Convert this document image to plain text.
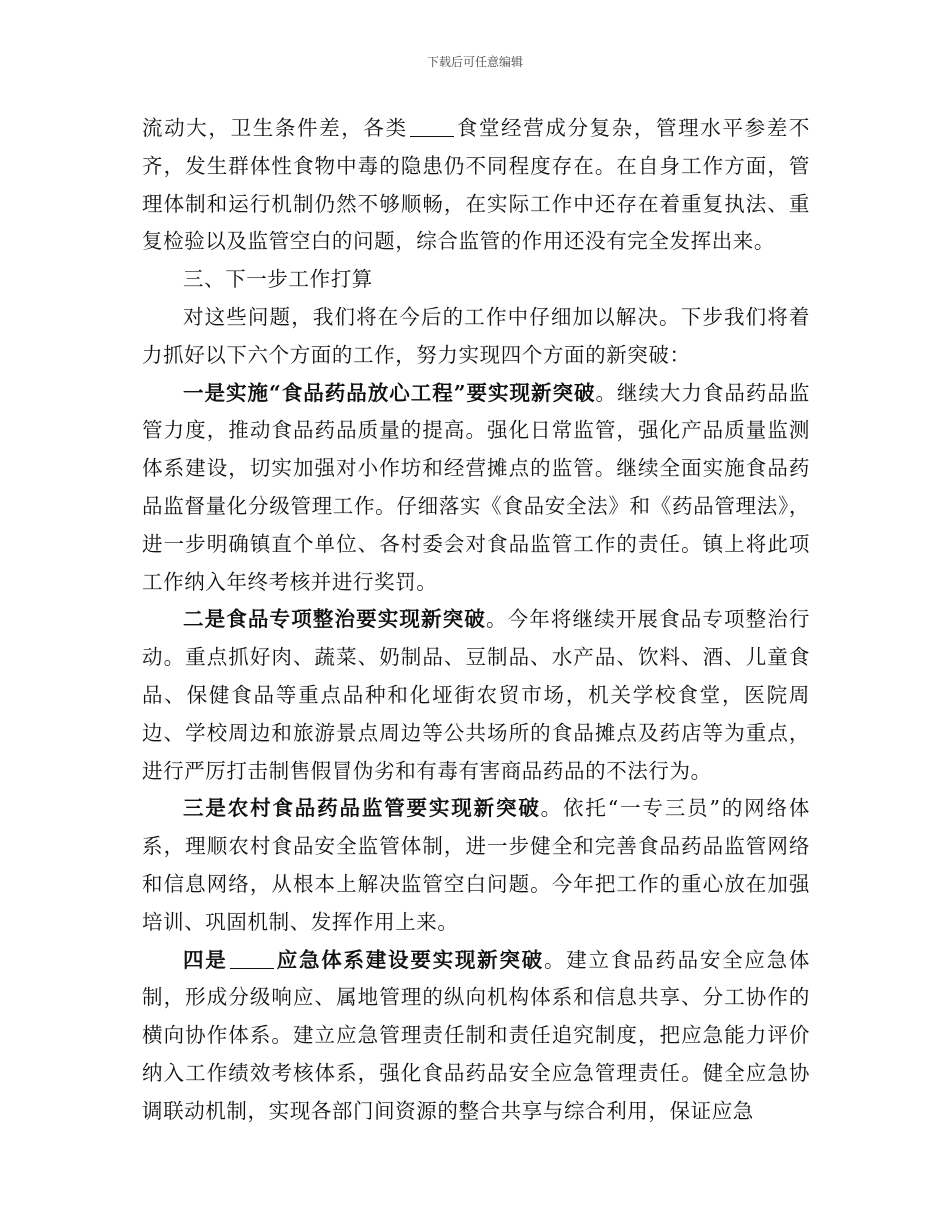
下载后可任意编辑

流动大，卫生条件差，各类 食堂经营成分复杂，管理水平参差不齐，发生群体性食物中毒的隐患仍不同程度存在。在自身工作方面，管理体制和运行机制仍然不够顺畅，在实际工作中还存在着重复执法、重复检验以及监管空白的问题，综合监管的作用还没有完全发挥出来。

三、下一步工作打算

对这些问题，我们将在今后的工作中仔细加以解决。下步我们将着力抓好以下六个方面的工作，努力实现四个方面的新突破：

一是实施“食品药品放心工程”要实现新突破。继续大力食品药品监管力度，推动食品药品质量的提高。强化日常监管，强化产品质量监测体系建设，切实加强对小作坊和经营摊点的监管。继续全面实施食品药品监督量化分级管理工作。仔细落实《食品安全法》和《药品管理法》，进一步明确镇直个单位、各村委会对食品监管工作的责任。镇上将此项工作纳入年终考核并进行奖罚。

二是食品专项整治要实现新突破。今年将继续开展食品专项整治行动。重点抓好肉、蔬菜、奶制品、豆制品、水产品、饮料、酒、儿童食品、保健食品等重点品种和化垭街农贸市场，机关学校食堂，医院周边、学校周边和旅游景点周边等公共场所的食品摊点及药店等为重点，进行严厉打击制售假冒伪劣和有毒有害商品药品的不法行为。

三是农村食品药品监管要实现新突破。依托“一专三员”的网络体系，理顺农村食品安全监管体制，进一步健全和完善食品药品监管网络和信息网络，从根本上解决监管空白问题。今年把工作的重心放在加强培训、巩固机制、发挥作用上来。

四是 应急体系建设要实现新突破。建立食品药品安全应急体制，形成分级响应、属地管理的纵向机构体系和信息共享、分工协作的横向协作体系。建立应急管理责任制和责任追究制度，把应急能力评价纳入工作绩效考核体系，强化食品药品安全应急管理责任。健全应急协调联动机制，实现各部门间资源的整合共享与综合利用，保证应急
